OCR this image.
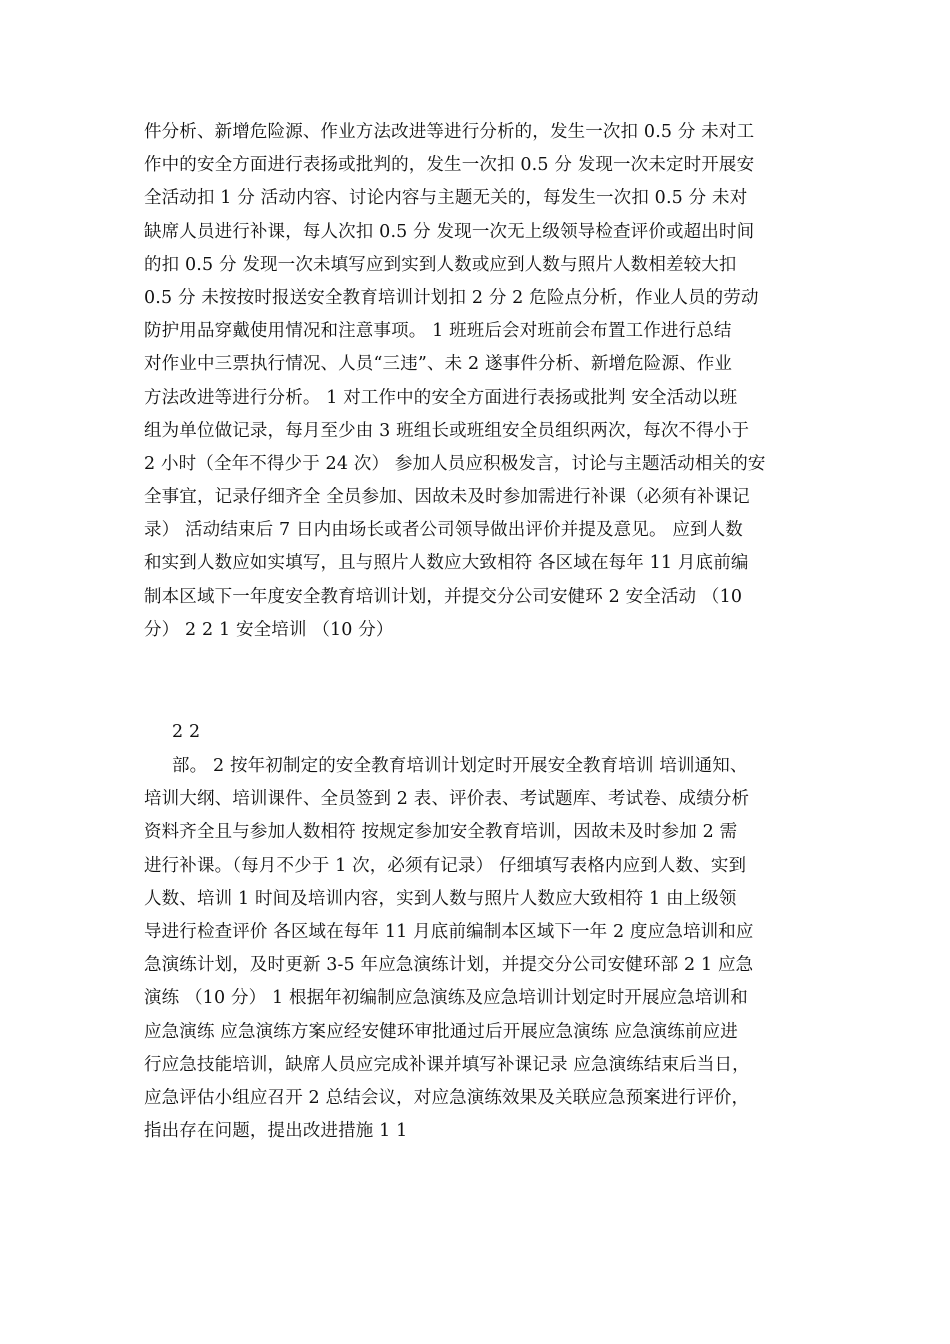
件分析、新增危险源、作业方法改进等进行分析的，发生一次扣 0.5 分 未对工
作中的安全方面进行表扬或批判的，发生一次扣 0.5 分 发现一次未定时开展安
全活动扣 1 分 活动内容、讨论内容与主题无关的，每发生一次扣 0.5 分 未对
缺席人员进行补课，每人次扣 0.5 分 发现一次无上级领导检查评价或超出时间
的扣 0.5 分 发现一次未填写应到实到人数或应到人数与照片人数相差较大扣
0.5 分 未按按时报送安全教育培训计划扣 2 分 2 危险点分析，作业人员的劳动
防护用品穿戴使用情况和注意事项。 1 班班后会对班前会布置工作进行总结
对作业中三票执行情况、人员“三违”、未 2 遂事件分析、新增危险源、作业
方法改进等进行分析。 1 对工作中的安全方面进行表扬或批判 安全活动以班
组为单位做记录，每月至少由 3 班组长或班组安全员组织两次，每次不得小于
2 小时（全年不得少于 24 次） 参加人员应积极发言，讨论与主题活动相关的安
全事宜，记录仔细齐全 全员参加、因故未及时参加需进行补课（必须有补课记
录） 活动结束后 7 日内由场长或者公司领导做出评价并提及意见。 应到人数
和实到人数应如实填写，且与照片人数应大致相符 各区域在每年 11 月底前编
制本区域下一年度安全教育培训计划，并提交分公司安健环 2 安全活动 （10
分） 2 2 1 安全培训 （10 分）
2 2
部。 2 按年初制定的安全教育培训计划定时开展安全教育培训 培训通知、
培训大纲、培训课件、全员签到 2 表、评价表、考试题库、考试卷、成绩分析
资料齐全且与参加人数相符 按规定参加安全教育培训，因故未及时参加 2 需
进行补课。（每月不少于 1 次，必须有记录） 仔细填写表格内应到人数、实到
人数、培训 1 时间及培训内容，实到人数与照片人数应大致相符 1 由上级领
导进行检查评价 各区域在每年 11 月底前编制本区域下一年 2 度应急培训和应
急演练计划，及时更新 3-5 年应急演练计划，并提交分公司安健环部 2 1 应急
演练 （10 分） 1 根据年初编制应急演练及应急培训计划定时开展应急培训和
应急演练 应急演练方案应经安健环审批通过后开展应急演练 应急演练前应进
行应急技能培训，缺席人员应完成补课并填写补课记录 应急演练结束后当日，
应急评估小组应召开 2 总结会议，对应急演练效果及关联应急预案进行评价，
指出存在问题，提出改进措施 1 1
